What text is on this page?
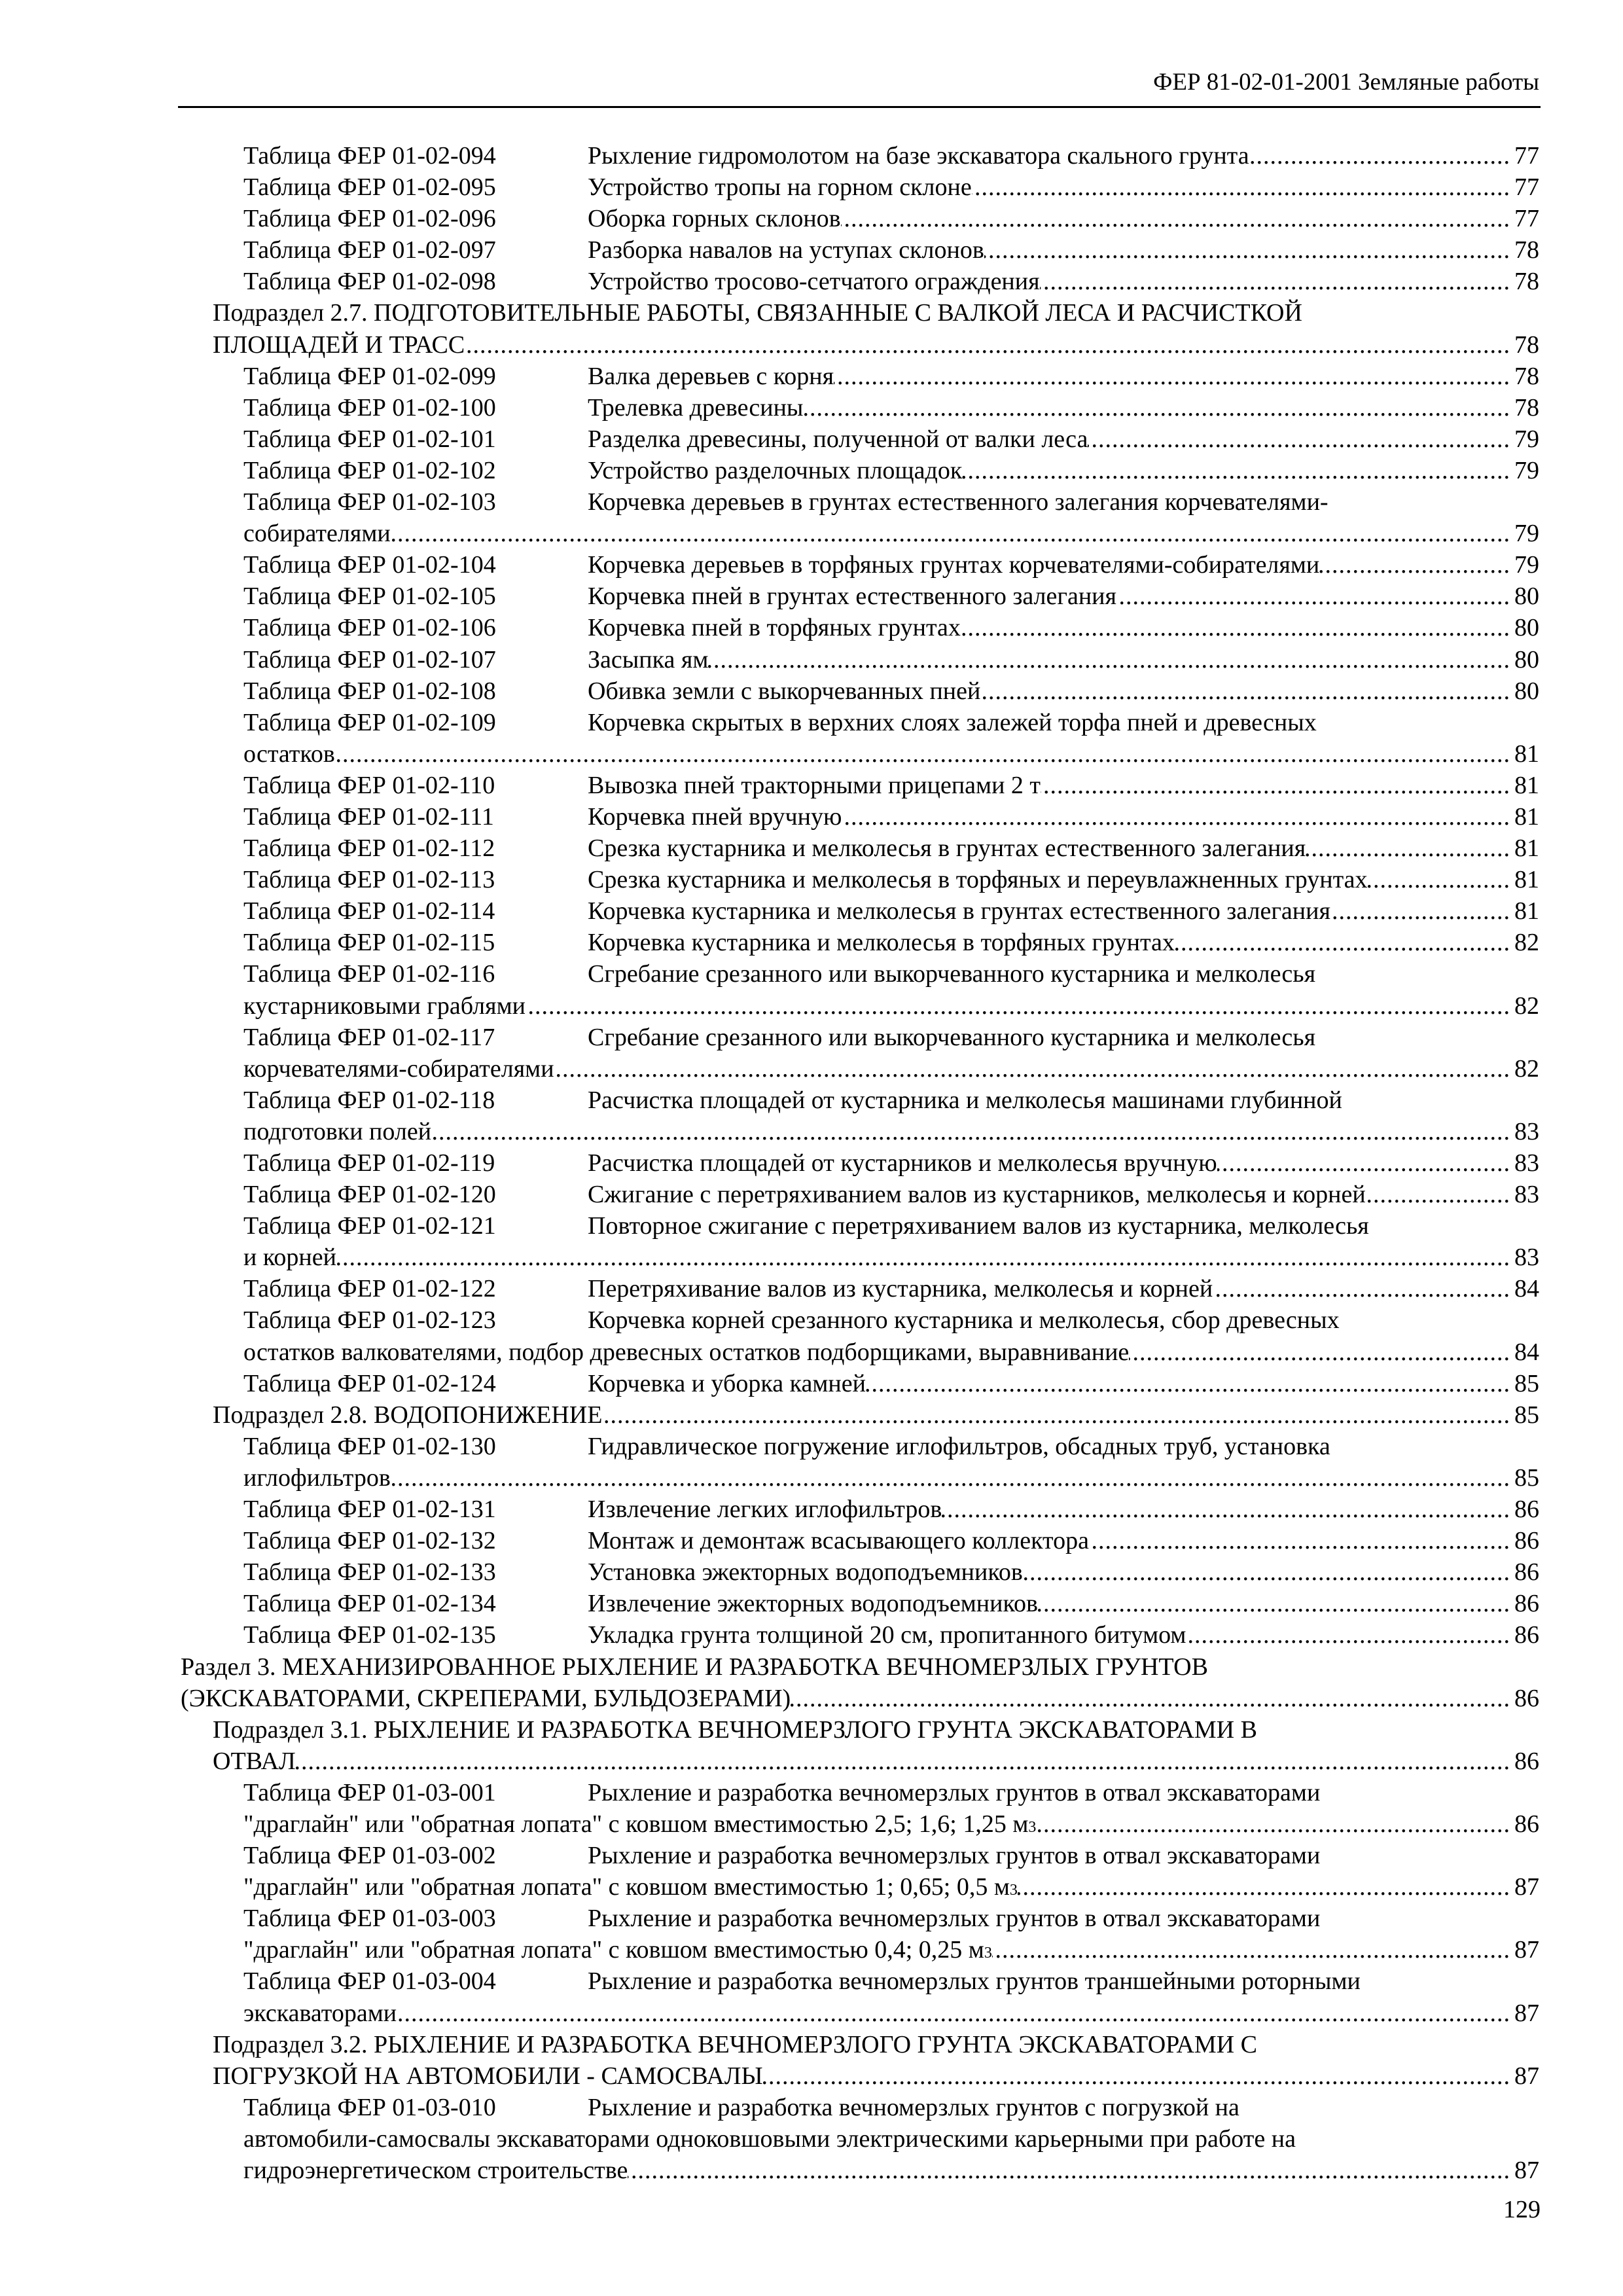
ФЕР 81-02-01-2001 Земляные работы
Таблица ФЕР 01-02-094	Рыхление гидромолотом на базе экскаватора скального грунта .....	77
Таблица ФЕР 01-02-095	Устройство тропы на горном склоне .....	77
Таблица ФЕР 01-02-096	Оборка горных склонов .....	77
Таблица ФЕР 01-02-097	Разборка навалов на уступах склонов .....	78
Таблица ФЕР 01-02-098	Устройство тросово-сетчатого ограждения .....	78
Подраздел 2.7. ПОДГОТОВИТЕЛЬНЫЕ РАБОТЫ, СВЯЗАННЫЕ С ВАЛКОЙ ЛЕСА И РАСЧИСТКОЙ
ПЛОЩАДЕЙ И ТРАСС .....	78
Таблица ФЕР 01-02-099	Валка деревьев с корня .....	78
Таблица ФЕР 01-02-100	Трелевка древесины .....	78
Таблица ФЕР 01-02-101	Разделка древесины, полученной от валки леса .....	79
Таблица ФЕР 01-02-102	Устройство разделочных площадок .....	79
Таблица ФЕР 01-02-103	Корчевка деревьев в грунтах естественного залегания корчевателями-
собирателями .....	79
Таблица ФЕР 01-02-104	Корчевка деревьев в торфяных грунтах корчевателями-собирателями .....	79
Таблица ФЕР 01-02-105	Корчевка пней в грунтах естественного залегания .....	80
Таблица ФЕР 01-02-106	Корчевка пней в торфяных грунтах .....	80
Таблица ФЕР 01-02-107	Засыпка ям .....	80
Таблица ФЕР 01-02-108	Обивка земли с выкорчеванных пней .....	80
Таблица ФЕР 01-02-109	Корчевка скрытых в верхних слоях залежей торфа пней и древесных
остатков .....	81
Таблица ФЕР 01-02-110	Вывозка пней тракторными прицепами 2 т .....	81
Таблица ФЕР 01-02-111	Корчевка пней вручную .....	81
Таблица ФЕР 01-02-112	Срезка кустарника и мелколесья в грунтах естественного залегания .....	81
Таблица ФЕР 01-02-113	Срезка кустарника и мелколесья в торфяных и переувлажненных грунтах .....	81
Таблица ФЕР 01-02-114	Корчевка кустарника и мелколесья в грунтах естественного залегания .....	81
Таблица ФЕР 01-02-115	Корчевка кустарника и мелколесья в торфяных грунтах .....	82
Таблица ФЕР 01-02-116	Сгребание срезанного или выкорчеванного кустарника и мелколесья
кустарниковыми граблями .....	82
Таблица ФЕР 01-02-117	Сгребание срезанного или выкорчеванного кустарника и мелколесья
корчевателями-собирателями .....	82
Таблица ФЕР 01-02-118	Расчистка площадей от кустарника и мелколесья машинами глубинной
подготовки полей .....	83
Таблица ФЕР 01-02-119	Расчистка площадей от кустарников и мелколесья вручную .....	83
Таблица ФЕР 01-02-120	Сжигание с перетряхиванием валов из кустарников, мелколесья и корней .....	83
Таблица ФЕР 01-02-121	Повторное сжигание с перетряхиванием валов из кустарника, мелколесья
и корней .....	83
Таблица ФЕР 01-02-122	Перетряхивание валов из кустарника, мелколесья и корней .....	84
Таблица ФЕР 01-02-123	Корчевка корней срезанного кустарника и мелколесья, сбор древесных
остатков валкователями, подбор древесных остатков подборщиками, выравнивание .....	84
Таблица ФЕР 01-02-124	Корчевка и уборка камней .....	85
Подраздел 2.8. ВОДОПОНИЖЕНИЕ .....	85
Таблица ФЕР 01-02-130	Гидравлическое погружение иглофильтров, обсадных труб, установка
иглофильтров .....	85
Таблица ФЕР 01-02-131	Извлечение легких иглофильтров .....	86
Таблица ФЕР 01-02-132	Монтаж и демонтаж всасывающего коллектора .....	86
Таблица ФЕР 01-02-133	Установка эжекторных водоподъемников .....	86
Таблица ФЕР 01-02-134	Извлечение эжекторных водоподъемников .....	86
Таблица ФЕР 01-02-135	Укладка грунта толщиной 20 см, пропитанного битумом .....	86
Раздел 3. МЕХАНИЗИРОВАННОЕ РЫХЛЕНИЕ И РАЗРАБОТКА ВЕЧНОМЕРЗЛЫХ ГРУНТОВ
(ЭКСКАВАТОРАМИ, СКРЕПЕРАМИ, БУЛЬДОЗЕРАМИ) .....	86
Подраздел 3.1. РЫХЛЕНИЕ И РАЗРАБОТКА ВЕЧНОМЕРЗЛОГО ГРУНТА ЭКСКАВАТОРАМИ В
ОТВАЛ .....	86
Таблица ФЕР 01-03-001	Рыхление и разработка вечномерзлых грунтов в отвал экскаваторами
"драглайн" или "обратная лопата" с ковшом вместимостью 2,5; 1,6; 1,25 м 3 .....	86
Таблица ФЕР 01-03-002	Рыхление и разработка вечномерзлых грунтов в отвал экскаваторами
"драглайн" или "обратная лопата" с ковшом вместимостью 1; 0,65; 0,5 м 3 .....	87
Таблица ФЕР 01-03-003	Рыхление и разработка вечномерзлых грунтов в отвал экскаваторами
"драглайн" или "обратная лопата" с ковшом вместимостью 0,4; 0,25 м 3 .....	87
Таблица ФЕР 01-03-004	Рыхление и разработка вечномерзлых грунтов траншейными роторными
экскаваторами .....	87
Подраздел 3.2. РЫХЛЕНИЕ И РАЗРАБОТКА ВЕЧНОМЕРЗЛОГО ГРУНТА ЭКСКАВАТОРАМИ С
ПОГРУЗКОЙ НА АВТОМОБИЛИ - САМОСВАЛЫ .....	87
Таблица ФЕР 01-03-010	Рыхление и разработка вечномерзлых грунтов с погрузкой на
автомобили-самосвалы экскаваторами одноковшовыми электрическими карьерными при работе на
гидроэнергетическом строительстве .....	87
129
